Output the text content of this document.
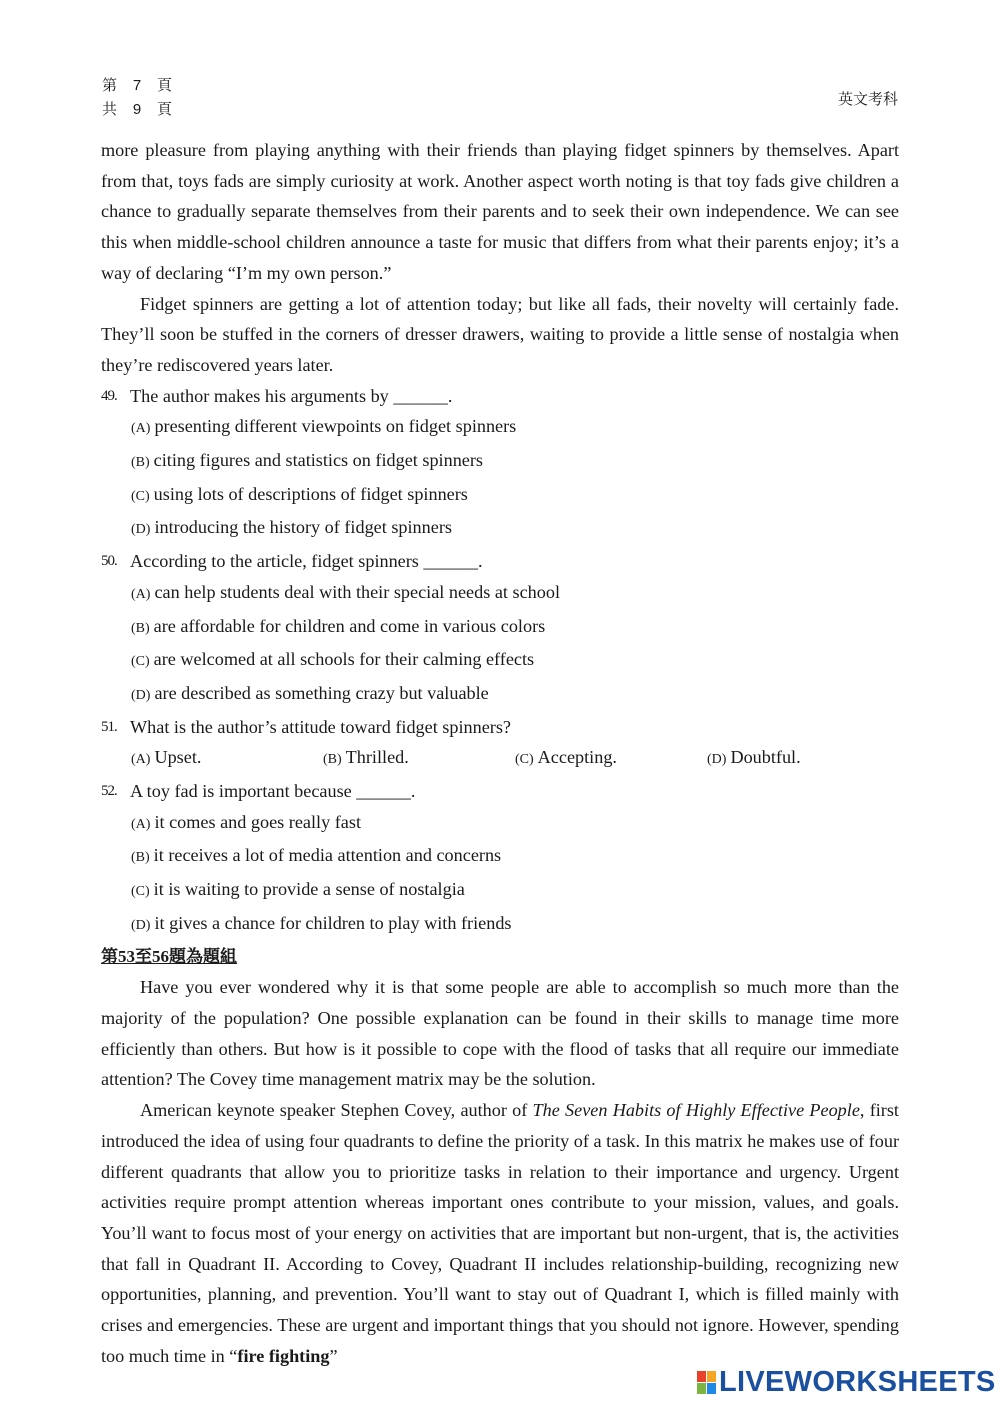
第 7 頁
共 9 頁
英文考科

more pleasure from playing anything with their friends than playing fidget spinners by themselves. Apart from that, toys fads are simply curiosity at work. Another aspect worth noting is that toy fads give children a chance to gradually separate themselves from their parents and to seek their own independence. We can see this when middle-school children announce a taste for music that differs from what their parents enjoy; it’s a way of declaring “I’m my own person.”

Fidget spinners are getting a lot of attention today; but like all fads, their novelty will certainly fade. They’ll soon be stuffed in the corners of dresser drawers, waiting to provide a little sense of nostalgia when they’re rediscovered years later.

49. The author makes his arguments by ______.
(A) presenting different viewpoints on fidget spinners
(B) citing figures and statistics on fidget spinners
(C) using lots of descriptions of fidget spinners
(D) introducing the history of fidget spinners
50. According to the article, fidget spinners ______.
(A) can help students deal with their special needs at school
(B) are affordable for children and come in various colors
(C) are welcomed at all schools for their calming effects
(D) are described as something crazy but valuable
51. What is the author’s attitude toward fidget spinners?
(A) Upset.	(B) Thrilled.	(C) Accepting.	(D) Doubtful.
52. A toy fad is important because ______.
(A) it comes and goes really fast
(B) it receives a lot of media attention and concerns
(C) it is waiting to provide a sense of nostalgia
(D) it gives a chance for children to play with friends
第53至56題為題組

Have you ever wondered why it is that some people are able to accomplish so much more than the majority of the population? One possible explanation can be found in their skills to manage time more efficiently than others. But how is it possible to cope with the flood of tasks that all require our immediate attention? The Covey time management matrix may be the solution.

American keynote speaker Stephen Covey, author of The Seven Habits of Highly Effective People, first introduced the idea of using four quadrants to define the priority of a task. In this matrix he makes use of four different quadrants that allow you to prioritize tasks in relation to their importance and urgency. Urgent activities require prompt attention whereas important ones contribute to your mission, values, and goals. You’ll want to focus most of your energy on activities that are important but non-urgent, that is, the activities that fall in Quadrant II. According to Covey, Quadrant II includes relationship-building, recognizing new opportunities, planning, and prevention. You’ll want to stay out of Quadrant I, which is filled mainly with crises and emergencies. These are urgent and important things that you should not ignore. However, spending too much time in “fire fighting”

LIVEWORKSHEETS
